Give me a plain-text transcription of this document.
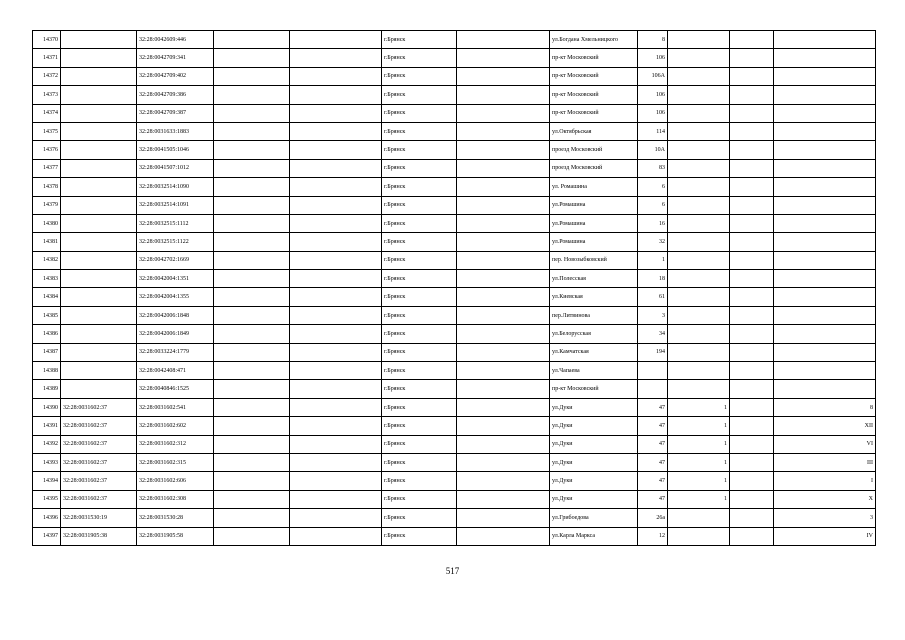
14370		32:28:0042609:446			г.Брянск		ул.Богдана Хмельницкого	8			
14371		32:28:0042709:341			г.Брянск		пр-кт Московский	106			
14372		32:28:0042709:402			г.Брянск		пр-кт Московский	106А			
14373		32:28:0042709:386			г.Брянск		пр-кт Московский	106			
14374		32:28:0042709:387			г.Брянск		пр-кт Московский	106			
14375		32:28:0031633:1883			г.Брянск		ул.Октябрьская	114			
14376		32:28:0041505:1046			г.Брянск		проезд Московский	10А			
14377		32:28:0041507:1012			г.Брянск		проезд Московский	83			
14378		32:28:0032514:1090			г.Брянск		ул. Ромашина	6			
14379		32:28:0032514:1091			г.Брянск		ул.Ромашина	6			
14380		32:28:0032515:1112			г.Брянск		ул.Ромашина	16			
14381		32:28:0032515:1122			г.Брянск		ул.Ромашина	32			
14382		32:28:0042702:1669			г.Брянск		пер. Новозыбковский	1			
14383		32:28:0042004:1351			г.Брянск		ул.Полесская	18			
14384		32:28:0042004:1355			г.Брянск		ул.Киевская	61			
14385		32:28:0042006:1848			г.Брянск		пер.Литвинова	3			
14386		32:28:0042006:1849			г.Брянск		ул.Белорусская	34			
14387		32:28:0033224:1779			г.Брянск		ул.Камчатская	194			
14388		32:28:0042408:471			г.Брянск		ул.Чапаева				
14389		32:28:0040846:1525			г.Брянск		пр-кт Московский				
14390	32:28:0031602:37	32:28:0031602:541			г.Брянск		ул.Дуки	47	1		8
14391	32:28:0031602:37	32:28:0031602:602			г.Брянск		ул.Дуки	47	1		XII
14392	32:28:0031602:37	32:28:0031602:312			г.Брянск		ул.Дуки	47	1		VI
14393	32:28:0031602:37	32:28:0031602:315			г.Брянск		ул.Дуки	47	1		III
14394	32:28:0031602:37	32:28:0031602:606			г.Брянск		ул.Дуки	47	1		I
14395	32:28:0031602:37	32:28:0031602:308			г.Брянск		ул.Дуки	47	1		X
14396	32:28:0031530:19	32:28:0031530:28			г.Брянск		ул.Грибоедова	26а			3
14397	32:28:0031905:38	32:28:0031905:58			г.Брянск		ул.Карла Маркса	12			IV
517
